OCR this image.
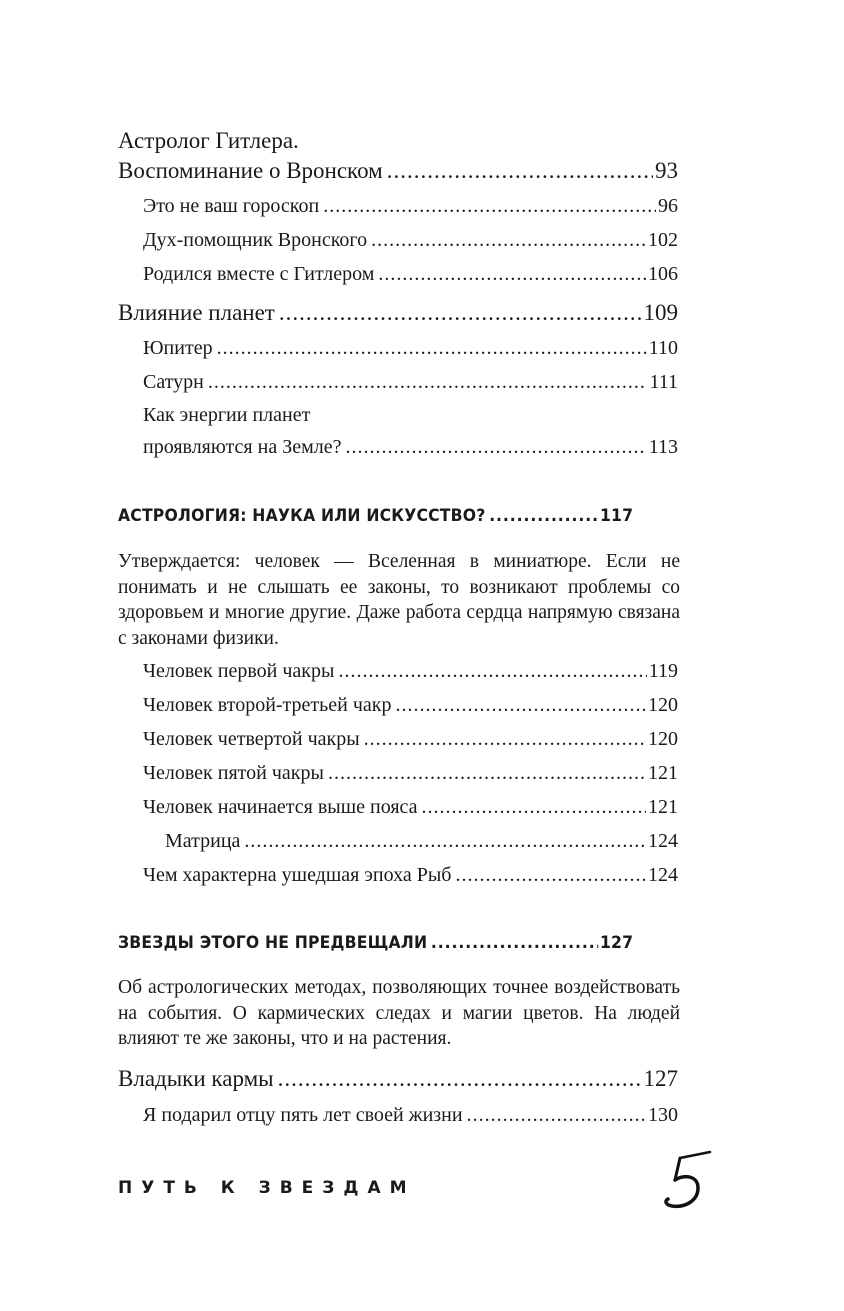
Астролог Гитлера.
Воспоминание о Вронском .....	93
Это не ваш гороскоп .....	96
Дух-помощник Вронского .....	102
Родился вместе с Гитлером .....	106
Влияние планет .....	109
Юпитер .....	110
Сатурн .....	111
Как энергии планет
проявляются на Земле? .....	113
АСТРОЛОГИЯ: НАУКА ИЛИ ИСКУССТВО? .....	117
Утверждается: человек — Вселенная в миниатюре. Если не понимать и не слышать ее законы, то возникают проблемы со здоровьем и многие другие. Даже работа сердца напрямую связана с законами физики.
Человек первой чакры .....	119
Человек второй-третьей чакр .....	120
Человек четвертой чакры .....	120
Человек пятой чакры .....	121
Человек начинается выше пояса .....	121
Матрица .....	124
Чем характерна ушедшая эпоха Рыб .....	124
ЗВЕЗДЫ ЭТОГО НЕ ПРЕДВЕЩАЛИ .....	127
Об астрологических методах, позволяющих точнее воздействовать на события. О кармических следах и магии цветов. На людей влияют те же законы, что и на растения.
Владыки кармы .....	127
Я подарил отцу пять лет своей жизни .....	130
ПУТЬ К ЗВЕЗДАМ
